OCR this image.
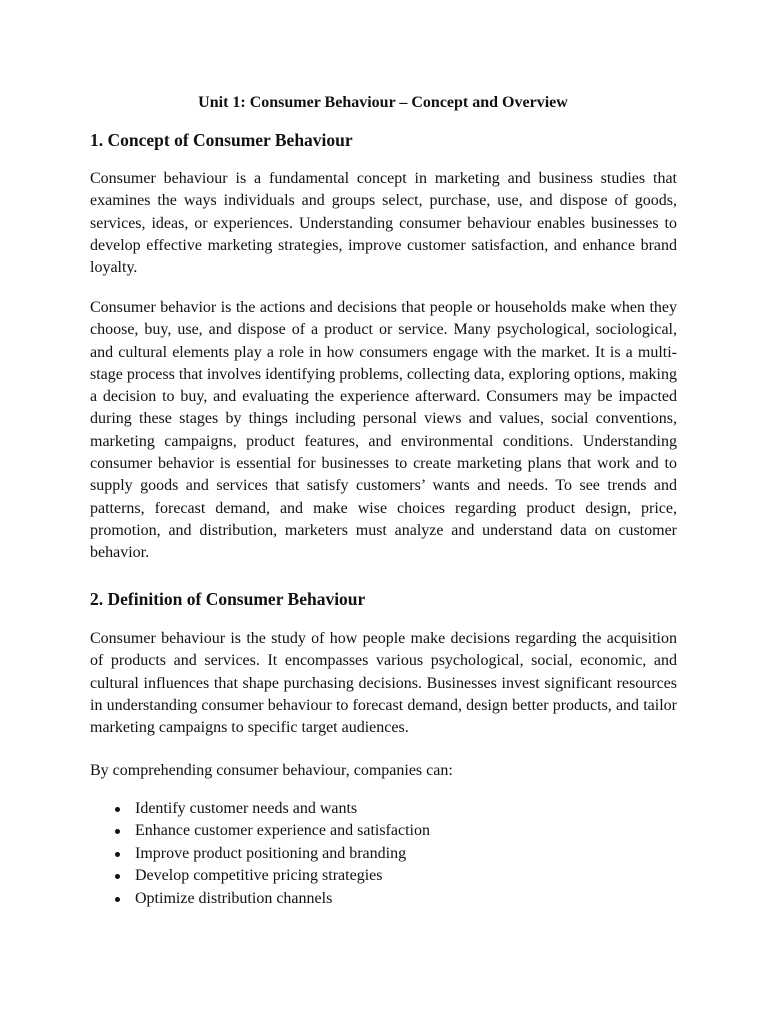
Unit 1: Consumer Behaviour – Concept and Overview
1. Concept of Consumer Behaviour

Consumer behaviour is a fundamental concept in marketing and business studies that examines the ways individuals and groups select, purchase, use, and dispose of goods, services, ideas, or experiences. Understanding consumer behaviour enables businesses to develop effective marketing strategies, improve customer satisfaction, and enhance brand loyalty.

Consumer behavior is the actions and decisions that people or households make when they choose, buy, use, and dispose of a product or service. Many psychological, sociological, and cultural elements play a role in how consumers engage with the market. It is a multi-stage process that involves identifying problems, collecting data, exploring options, making a decision to buy, and evaluating the experience afterward. Consumers may be impacted during these stages by things including personal views and values, social conventions, marketing campaigns, product features, and environmental conditions. Understanding consumer behavior is essential for businesses to create marketing plans that work and to supply goods and services that satisfy customers’ wants and needs. To see trends and patterns, forecast demand, and make wise choices regarding product design, price, promotion, and distribution, marketers must analyze and understand data on customer behavior.

2. Definition of Consumer Behaviour

Consumer behaviour is the study of how people make decisions regarding the acquisition of products and services. It encompasses various psychological, social, economic, and cultural influences that shape purchasing decisions. Businesses invest significant resources in understanding consumer behaviour to forecast demand, design better products, and tailor marketing campaigns to specific target audiences.

By comprehending consumer behaviour, companies can:

Identify customer needs and wants
Enhance customer experience and satisfaction
Improve product positioning and branding
Develop competitive pricing strategies
Optimize distribution channels
